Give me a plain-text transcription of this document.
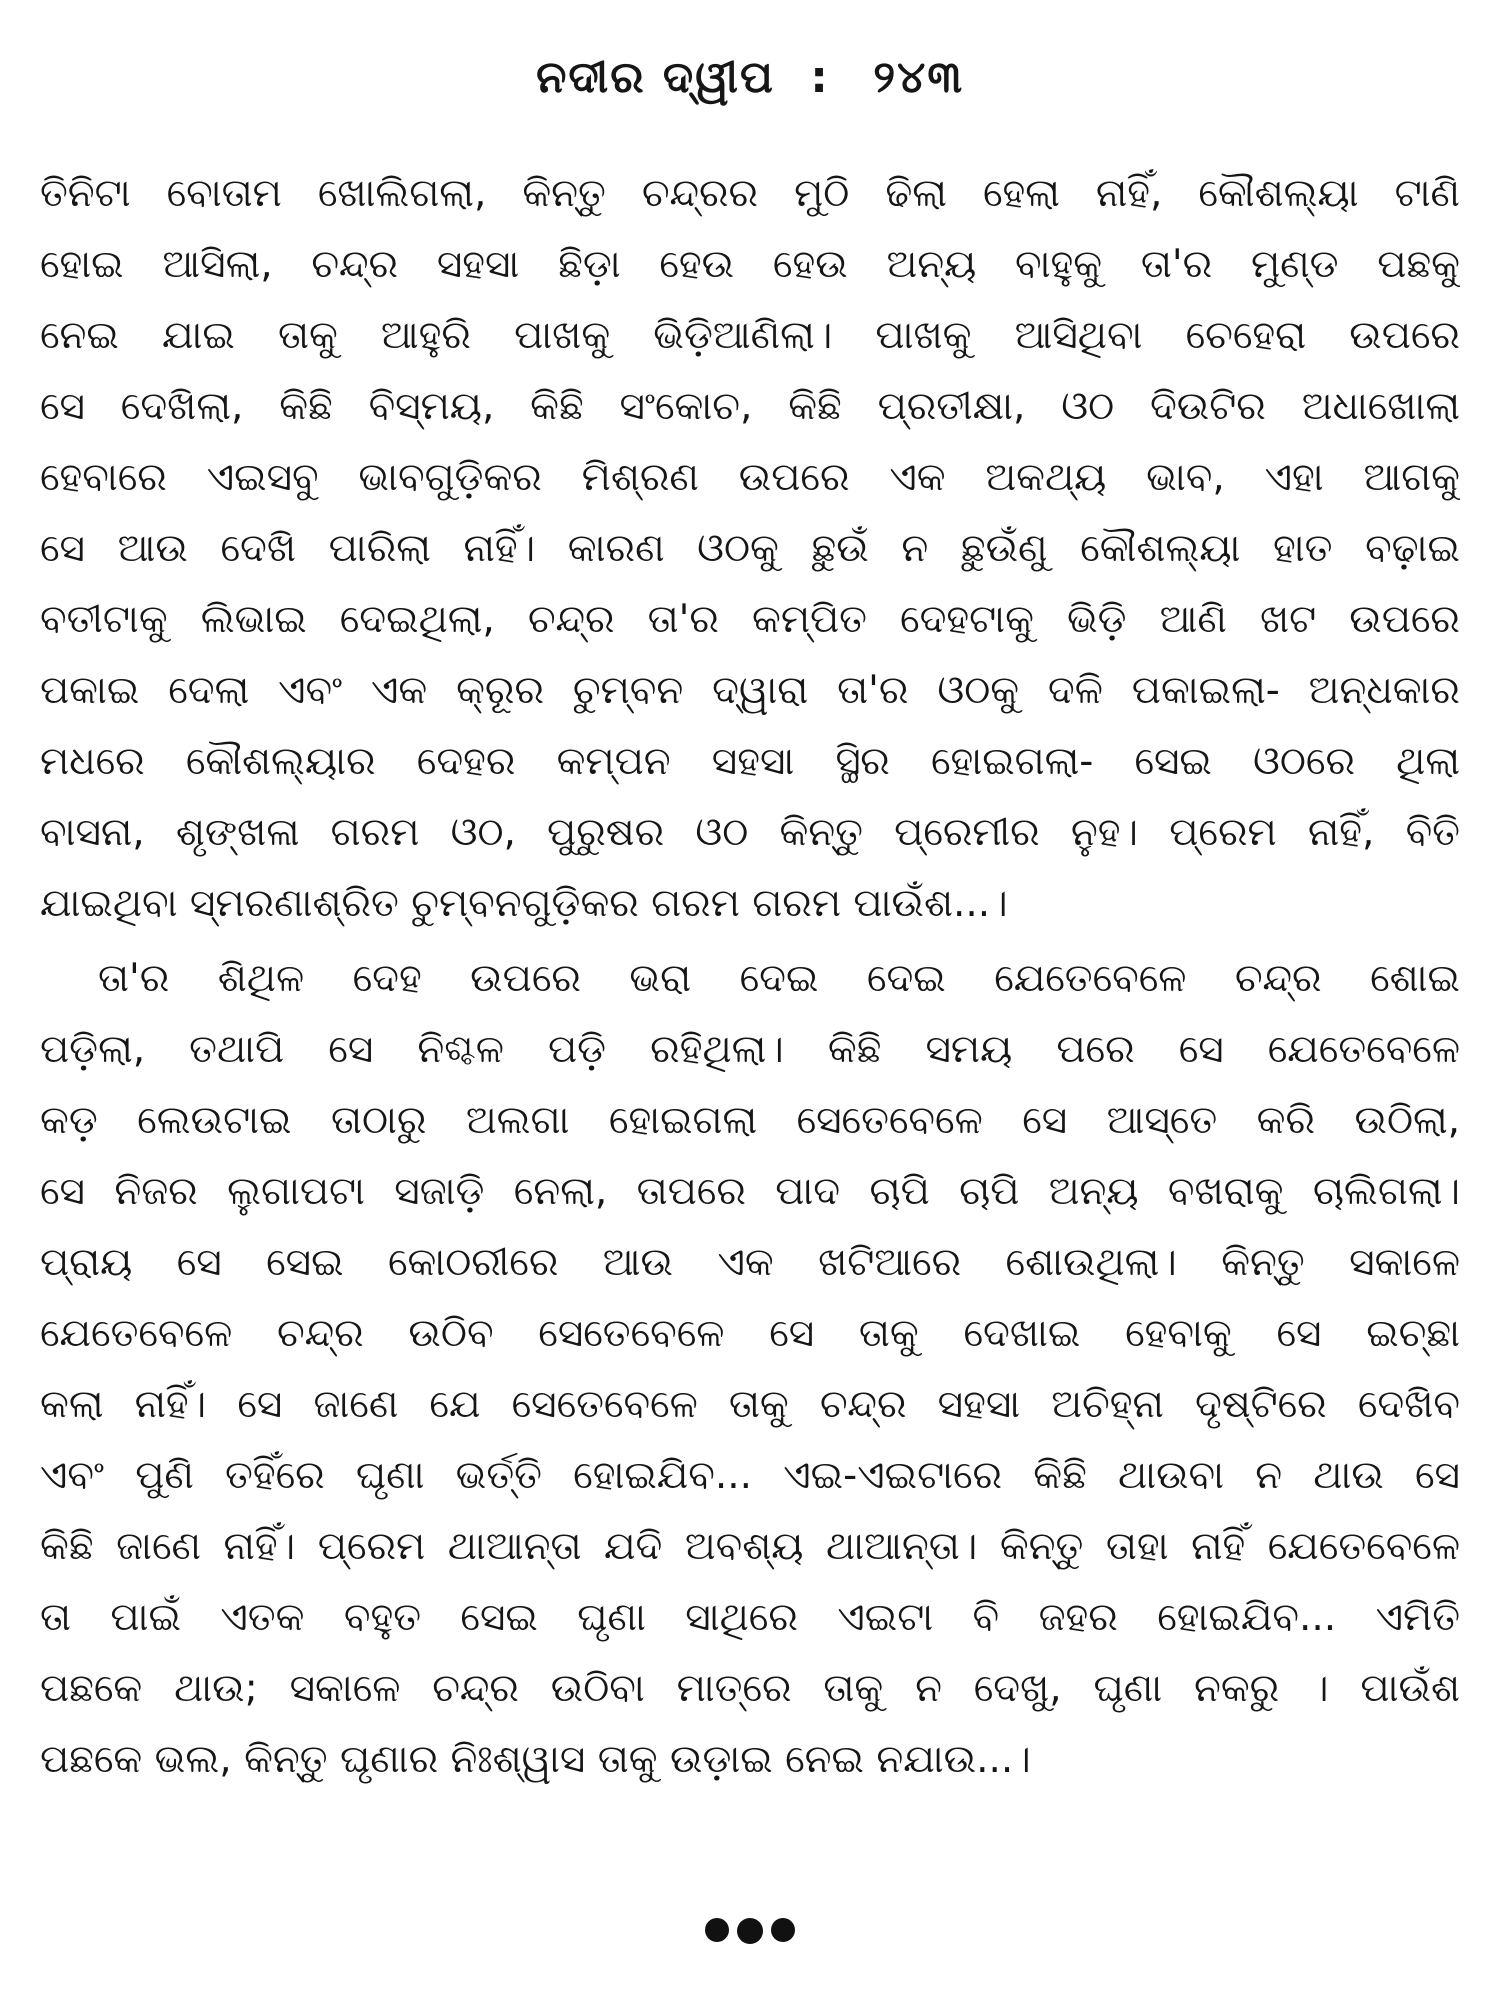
ନଦୀର ଦ୍ୱୀପ : ୨୪୩
ତିନିଟା ବୋତାମ ଖୋଲିଗଲା, କିନ୍ତୁ ଚନ୍ଦ୍ରର ମୁଠି ଢିଲା ହେଲା ନାହିଁ, କୌଶଲ୍ୟା ଟାଣି
ହୋଇ ଆସିଲା, ଚନ୍ଦ୍ର ସହସା ଛିଡ଼ା ହେଉ ହେଉ ଅନ୍ୟ ବାହୁକୁ ତା'ର ମୁଣ୍ଡ ପଛକୁ
ନେଇ ଯାଇ ତାକୁ ଆହୁରି ପାଖକୁ ଭିଡ଼ିଆଣିଲା। ପାଖକୁ ଆସିଥିବା ଚେହେରା ଉପରେ
ସେ ଦେଖିଲା, କିଛି ବିସ୍ମୟ, କିଛି ସଂକୋଚ, କିଛି ପ୍ରତୀକ୍ଷା, ଓଠ ଦିଉଟିର ଅଧାଖୋଲା
ହେବାରେ ଏଇସବୁ ଭାବଗୁଡ଼ିକର ମିଶ୍ରଣ ଉପରେ ଏକ ଅକଥ୍ୟ ଭାବ, ଏହା ଆଗକୁ
ସେ ଆଉ ଦେଖି ପାରିଲା ନାହିଁ। କାରଣ ଓଠକୁ ଛୁଉଁ ନ ଛୁଉଁଣୁ କୌଶଲ୍ୟା ହାତ ବଢ଼ାଇ
ବତୀଟାକୁ ଲିଭାଇ ଦେଇଥିଲା, ଚନ୍ଦ୍ର ତା'ର କମ୍ପିତ ଦେହଟାକୁ ଭିଡ଼ି ଆଣି ଖଟ ଉପରେ
ପକାଇ ଦେଲା ଏବଂ ଏକ କ୍ରୂର ଚୁମ୍ବନ ଦ୍ୱାରା ତା'ର ଓଠକୁ ଦଳି ପକାଇଲା- ଅନ୍ଧକାର
ମଧରେ କୌଶଲ୍ୟାର ଦେହର କମ୍ପନ ସହସା ସ୍ଥିର ହୋଇଗଲା- ସେଇ ଓଠରେ ଥିଲା
ବାସନା, ଶୃଙ୍ଖଳା ଗରମ ଓଠ, ପୁରୁଷର ଓଠ କିନ୍ତୁ ପ୍ରେମୀର ନୁହ। ପ୍ରେମ ନାହିଁ, ବିତି
ଯାଇଥିବା ସ୍ମରଣାଶ୍ରିତ ଚୁମ୍ବନଗୁଡ଼ିକର ଗରମ ଗରମ ପାଉଁଶ...।
ତା'ର ଶିଥିଳ ଦେହ ଉପରେ ଭରା ଦେଇ ଦେଇ ଯେତେବେଳେ ଚନ୍ଦ୍ର ଶୋଇ
ପଡ଼ିଲା, ତଥାପି ସେ ନିଶ୍ଚଳ ପଡ଼ି ରହିଥିଲା। କିଛି ସମୟ ପରେ ସେ ଯେତେବେଳେ
କଡ଼ ଲେଉଟାଇ ତାଠାରୁ ଅଲଗା ହୋଇଗଲା ସେତେବେଳେ ସେ ଆସ୍ତେ କରି ଉଠିଲା,
ସେ ନିଜର ଲୁଗାପଟା ସଜାଡ଼ି ନେଲା, ତାପରେ ପାଦ ଚାପି ଚାପି ଅନ୍ୟ ବଖରାକୁ ଚାଲିଗଲା।
ପ୍ରାୟ ସେ ସେଇ କୋଠରୀରେ ଆଉ ଏକ ଖଟିଆରେ ଶୋଉଥିଲା। କିନ୍ତୁ ସକାଳେ
ଯେତେବେଳେ ଚନ୍ଦ୍ର ଉଠିବ ସେତେବେଳେ ସେ ତାକୁ ଦେଖାଇ ହେବାକୁ ସେ ଇଚ୍ଛା
କଲା ନାହିଁ। ସେ ଜାଣେ ଯେ ସେତେବେଳେ ତାକୁ ଚନ୍ଦ୍ର ସହସା ଅଚିହ୍ନା ଦୃଷ୍ଟିରେ ଦେଖିବ
ଏବଂ ପୁଣି ତହିଁରେ ଘୃଣା ଭର୍ତ୍ତି ହୋଇଯିବ... ଏଇ-ଏଇଟାରେ କିଛି ଥାଉବା ନ ଥାଉ ସେ
କିଛି ଜାଣେ ନାହିଁ। ପ୍ରେମ ଥାଆନ୍ତା ଯଦି ଅବଶ୍ୟ ଥାଆନ୍ତା। କିନ୍ତୁ ତାହା ନାହିଁ ଯେତେବେଳେ
ତା ପାଇଁ ଏତକ ବହୁତ ସେଇ ଘୃଣା ସାଥିରେ ଏଇଟା ବି ଜହର ହୋଇଯିବ... ଏମିତି
ପଛକେ ଥାଉ; ସକାଳେ ଚନ୍ଦ୍ର ଉଠିବା ମାତ୍ରେ ତାକୁ ନ ଦେଖୁ, ଘୃଣା ନକରୁ । ପାଉଁଶ
ପଛକେ ଭଲ, କିନ୍ତୁ ଘୃଣାର ନିଃଶ୍ୱାସ ତାକୁ ଉଡ଼ାଇ ନେଇ ନଯାଉ...।
